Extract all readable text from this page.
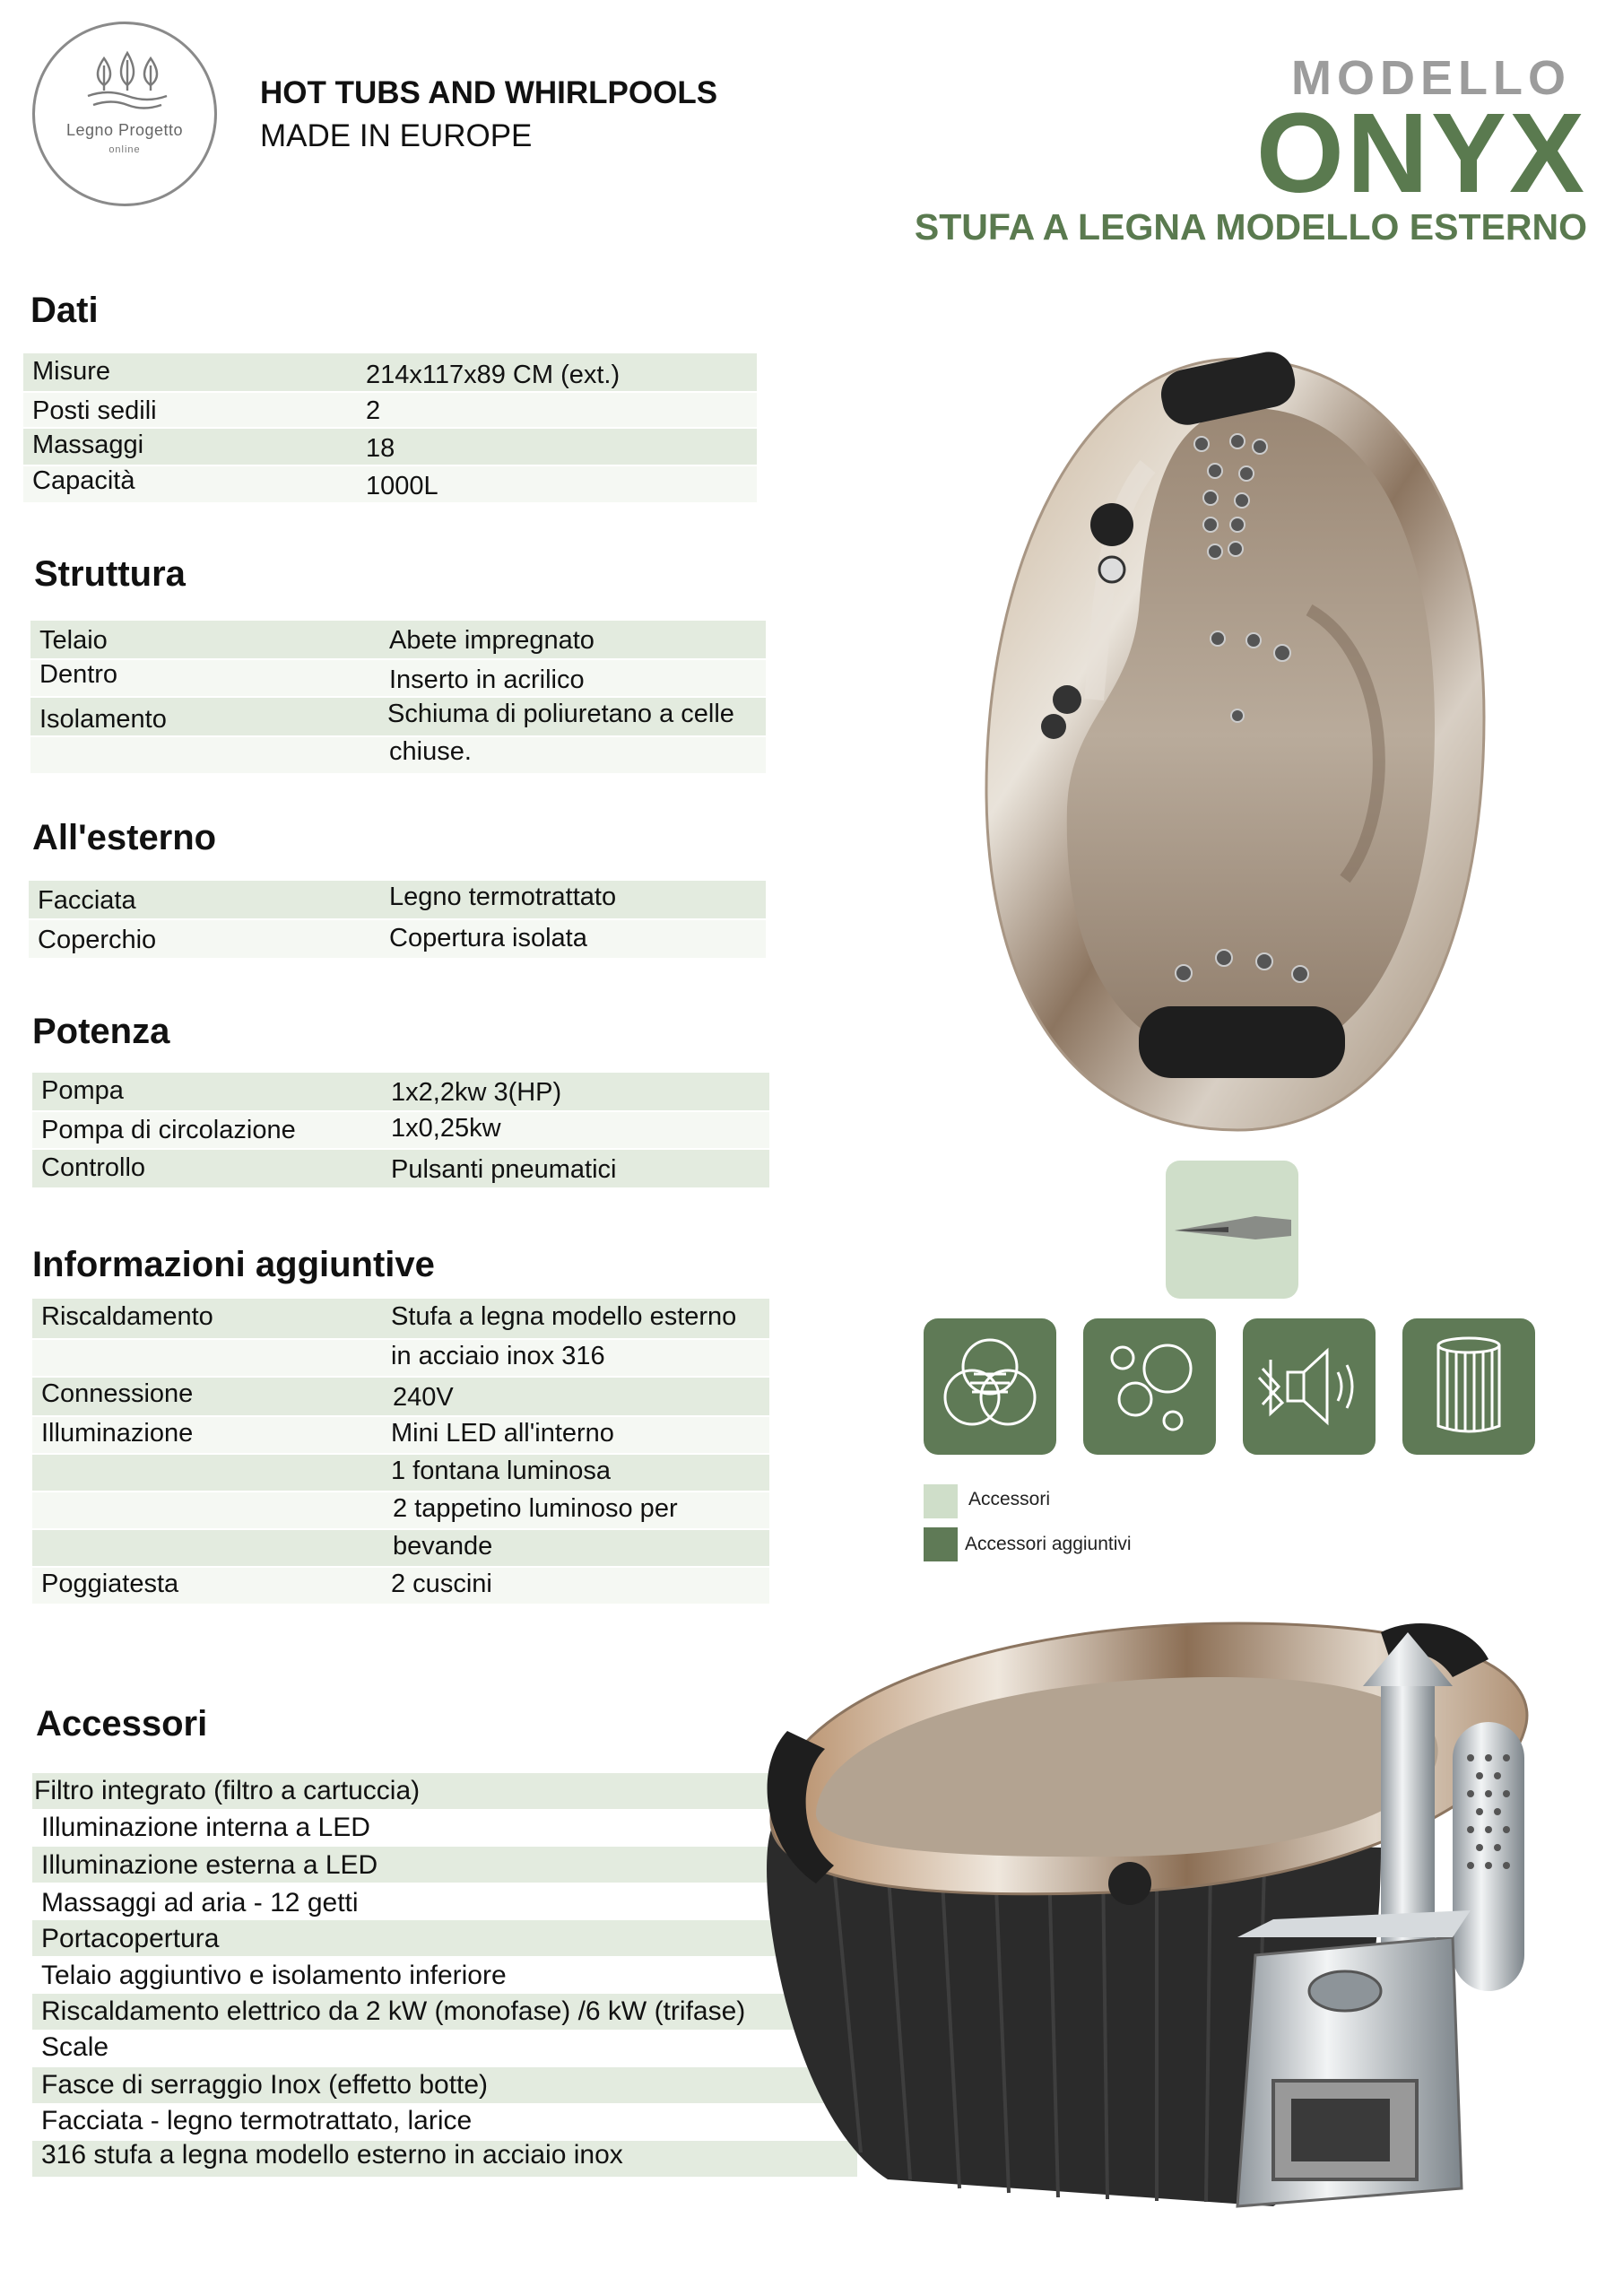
Legno Progetto
online
HOT TUBS AND WHIRLPOOLS
MADE IN EUROPE
MODELLO
ONYX
STUFA A LEGNA MODELLO ESTERNO
Dati
Misure	214x117x89 CM (ext.)
Posti sedili	2
Massaggi	18
Capacità	1000L
Struttura
Telaio	Abete impregnato
Dentro	Inserto in acrilico
Isolamento	Schiuma di poliuretano a celle
chiuse.
All'esterno
Facciata	Legno termotrattato
Coperchio	Copertura isolata
Potenza
Pompa	1x2,2kw 3(HP)
Pompa di circolazione	1x0,25kw
Controllo	Pulsanti pneumatici
Informazioni aggiuntive
Riscaldamento	Stufa a legna modello esterno
in acciaio inox 316
Connessione	240V
Illuminazione	Mini LED all'interno
1 fontana luminosa
2 tappetino luminoso per
bevande
Poggiatesta	2 cuscini
Accessori
Filtro integrato (filtro a cartuccia)
Illuminazione interna a LED
Illuminazione esterna a LED
Massaggi ad aria - 12 getti
Portacopertura
Telaio aggiuntivo e isolamento inferiore
Riscaldamento elettrico da 2 kW (monofase) /6 kW (trifase)
Scale
Fasce di serraggio Inox (effetto botte)
Facciata - legno termotrattato, larice
316 stufa a legna modello esterno in acciaio inox
Accessori
Accessori aggiuntivi
